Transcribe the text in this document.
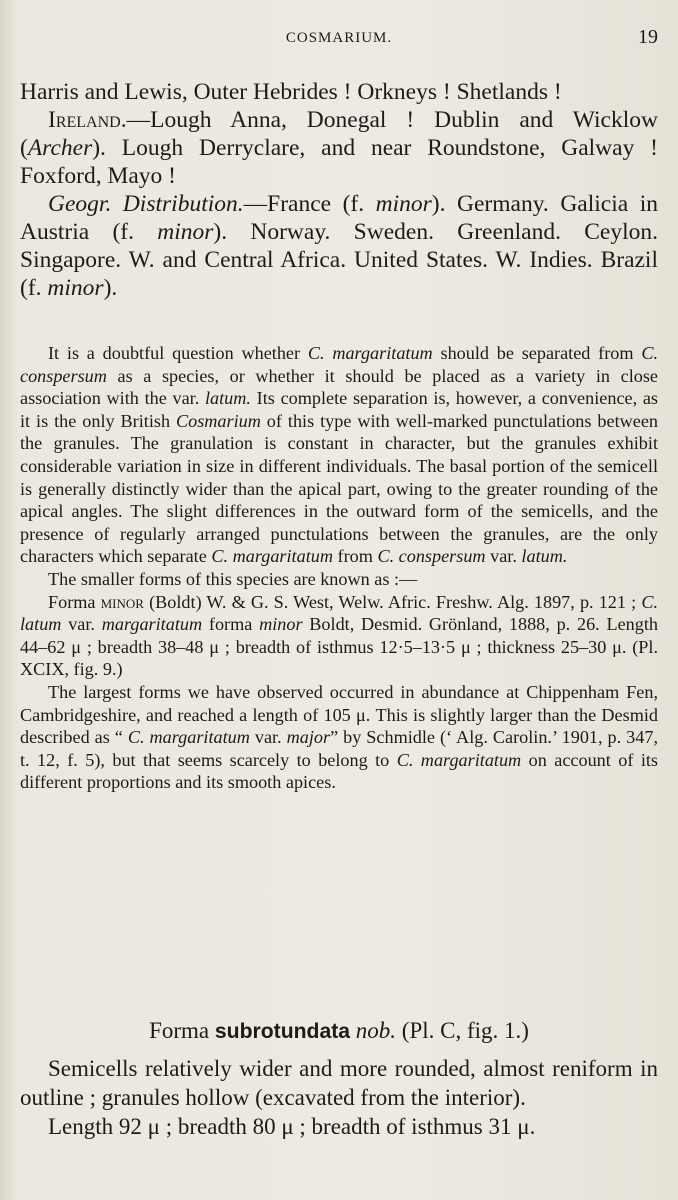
COSMARIUM.	19

Harris and Lewis, Outer Hebrides ! Orkneys ! Shetlands !

Ireland.—Lough Anna, Donegal ! Dublin and Wicklow (Archer). Lough Derryclare, and near Roundstone, Galway ! Foxford, Mayo !

Geogr. Distribution.—France (f. minor). Germany. Galicia in Austria (f. minor). Norway. Sweden. Greenland. Ceylon. Singapore. W. and Central Africa. United States. W. Indies. Brazil (f. minor).

It is a doubtful question whether C. margaritatum should be separated from C. conspersum as a species, or whether it should be placed as a variety in close association with the var. latum. Its complete separation is, however, a convenience, as it is the only British Cosmarium of this type with well-marked punctulations between the granules. The granulation is constant in character, but the granules exhibit considerable variation in size in different individuals. The basal portion of the semicell is generally distinctly wider than the apical part, owing to the greater rounding of the apical angles. The slight differences in the outward form of the semicells, and the presence of regularly arranged punctulations between the granules, are the only characters which separate C. margaritatum from C. conspersum var. latum.

The smaller forms of this species are known as :—

Forma minor (Boldt) W. & G. S. West, Welw. Afric. Freshw. Alg. 1897, p. 121 ; C. latum var. margaritatum forma minor Boldt, Desmid. Grönland, 1888, p. 26. Length 44–62 μ ; breadth 38–48 μ ; breadth of isthmus 12·5–13·5 μ ; thickness 25–30 μ. (Pl. XCIX, fig. 9.)

The largest forms we have observed occurred in abundance at Chippenham Fen, Cambridgeshire, and reached a length of 105 μ. This is slightly larger than the Desmid described as “ C. margaritatum var. major” by Schmidle (‘ Alg. Carolin.’ 1901, p. 347, t. 12, f. 5), but that seems scarcely to belong to C. margaritatum on account of its different proportions and its smooth apices.

Forma subrotundata nob. (Pl. C, fig. 1.)

Semicells relatively wider and more rounded, almost reniform in outline ; granules hollow (excavated from the interior).

Length 92 μ ; breadth 80 μ ; breadth of isthmus 31 μ.
